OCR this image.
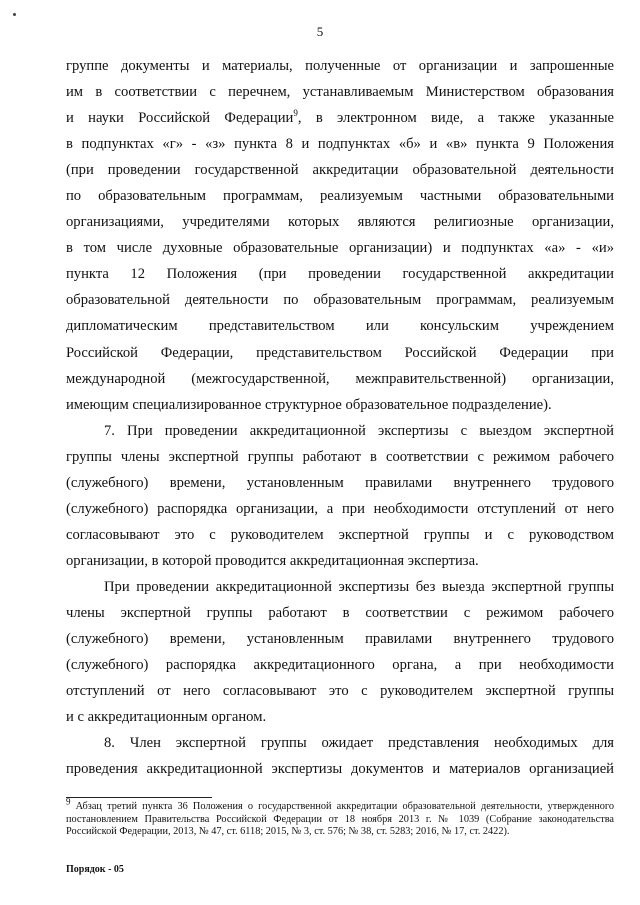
5

группе документы и материалы, полученные от организации и запрошенные
им в соответствии с перечнем, устанавливаемым Министерством образования
и науки Российской Федерации$^9$, в электронном виде, а также указанные
в подпунктах «г» - «з» пункта 8 и подпунктах «б» и «в» пункта 9 Положения
(при проведении государственной аккредитации образовательной деятельности
по образовательным программам, реализуемым частными образовательными
организациями, учредителями которых являются религиозные организации,
в том числе духовные образовательные организации) и подпунктах «а» - «и»
пункта 12 Положения (при проведении государственной аккредитации
образовательной деятельности по образовательным программам, реализуемым
дипломатическим представительством или консульским учреждением
Российской Федерации, представительством Российской Федерации при
международной (межгосударственной, межправительственной) организации,
имеющим специализированное структурное образовательное подразделение).

7. При проведении аккредитационной экспертизы с выездом экспертной
группы члены экспертной группы работают в соответствии с режимом рабочего
(служебного) времени, установленным правилами внутреннего трудового
(служебного) распорядка организации, а при необходимости отступлений от него
согласовывают это с руководителем экспертной группы и с руководством
организации, в которой проводится аккредитационная экспертиза.

При проведении аккредитационной экспертизы без выезда экспертной группы
члены экспертной группы работают в соответствии с режимом рабочего
(служебного) времени, установленным правилами внутреннего трудового
(служебного) распорядка аккредитационного органа, а при необходимости
отступлений от него согласовывают это с руководителем экспертной группы
и с аккредитационным органом.

8. Член экспертной группы ожидает представления необходимых для
проведения аккредитационной экспертизы документов и материалов организацией

$^9$ Абзац третий пункта 36 Положения о государственной аккредитации образовательной деятельности, утвержденного
постановлением Правительства Российской Федерации от 18 ноября 2013 г. № 1039 (Собрание законодательства
Российской Федерации, 2013, № 47, ст. 6118; 2015, № 3, ст. 576; № 38, ст. 5283; 2016, № 17, ст. 2422).
Порядок - 05
